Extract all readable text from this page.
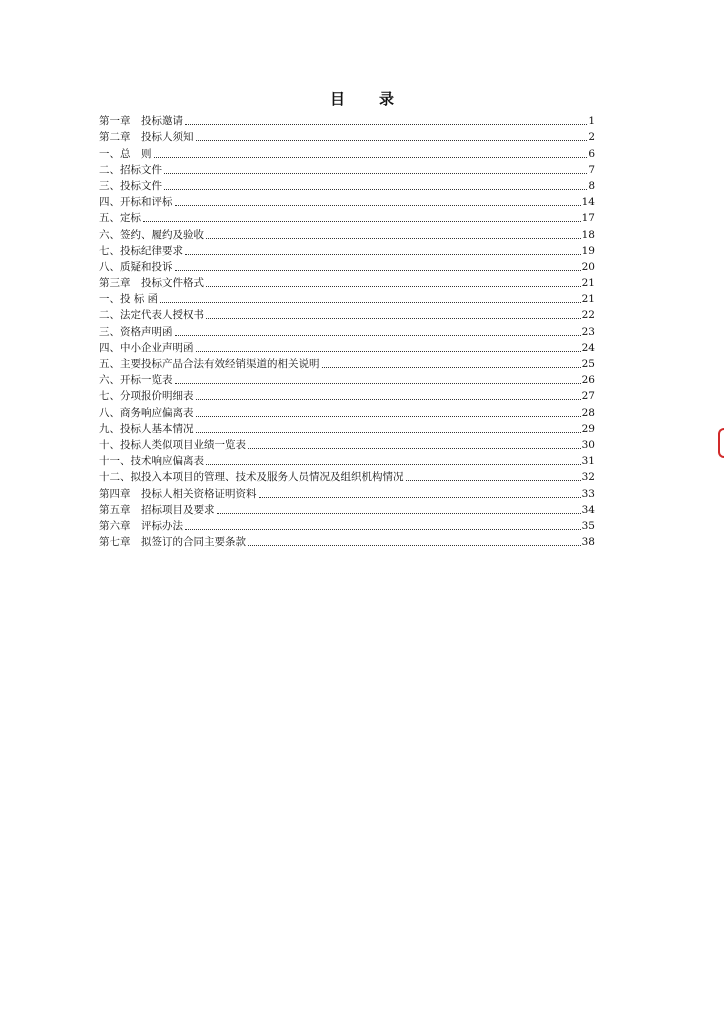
目 录
第一章　投标邀请	1
第二章　投标人须知	2
一、总　则	6
二、招标文件	7
三、投标文件	8
四、开标和评标	14
五、定标	17
六、签约、履约及验收	18
七、投标纪律要求	19
八、质疑和投诉	20
第三章　投标文件格式	21
一、投 标 函	21
二、法定代表人授权书	22
三、资格声明函	23
四、中小企业声明函	24
五、主要投标产品合法有效经销渠道的相关说明	25
六、开标一览表	26
七、分项报价明细表	27
八、商务响应偏离表	28
九、投标人基本情况	29
十、投标人类似项目业绩一览表	30
十一、技术响应偏离表	31
十二、拟投入本项目的管理、技术及服务人员情况及组织机构情况	32
第四章　投标人相关资格证明资料	33
第五章　招标项目及要求	34
第六章　评标办法	35
第七章　拟签订的合同主要条款	38
